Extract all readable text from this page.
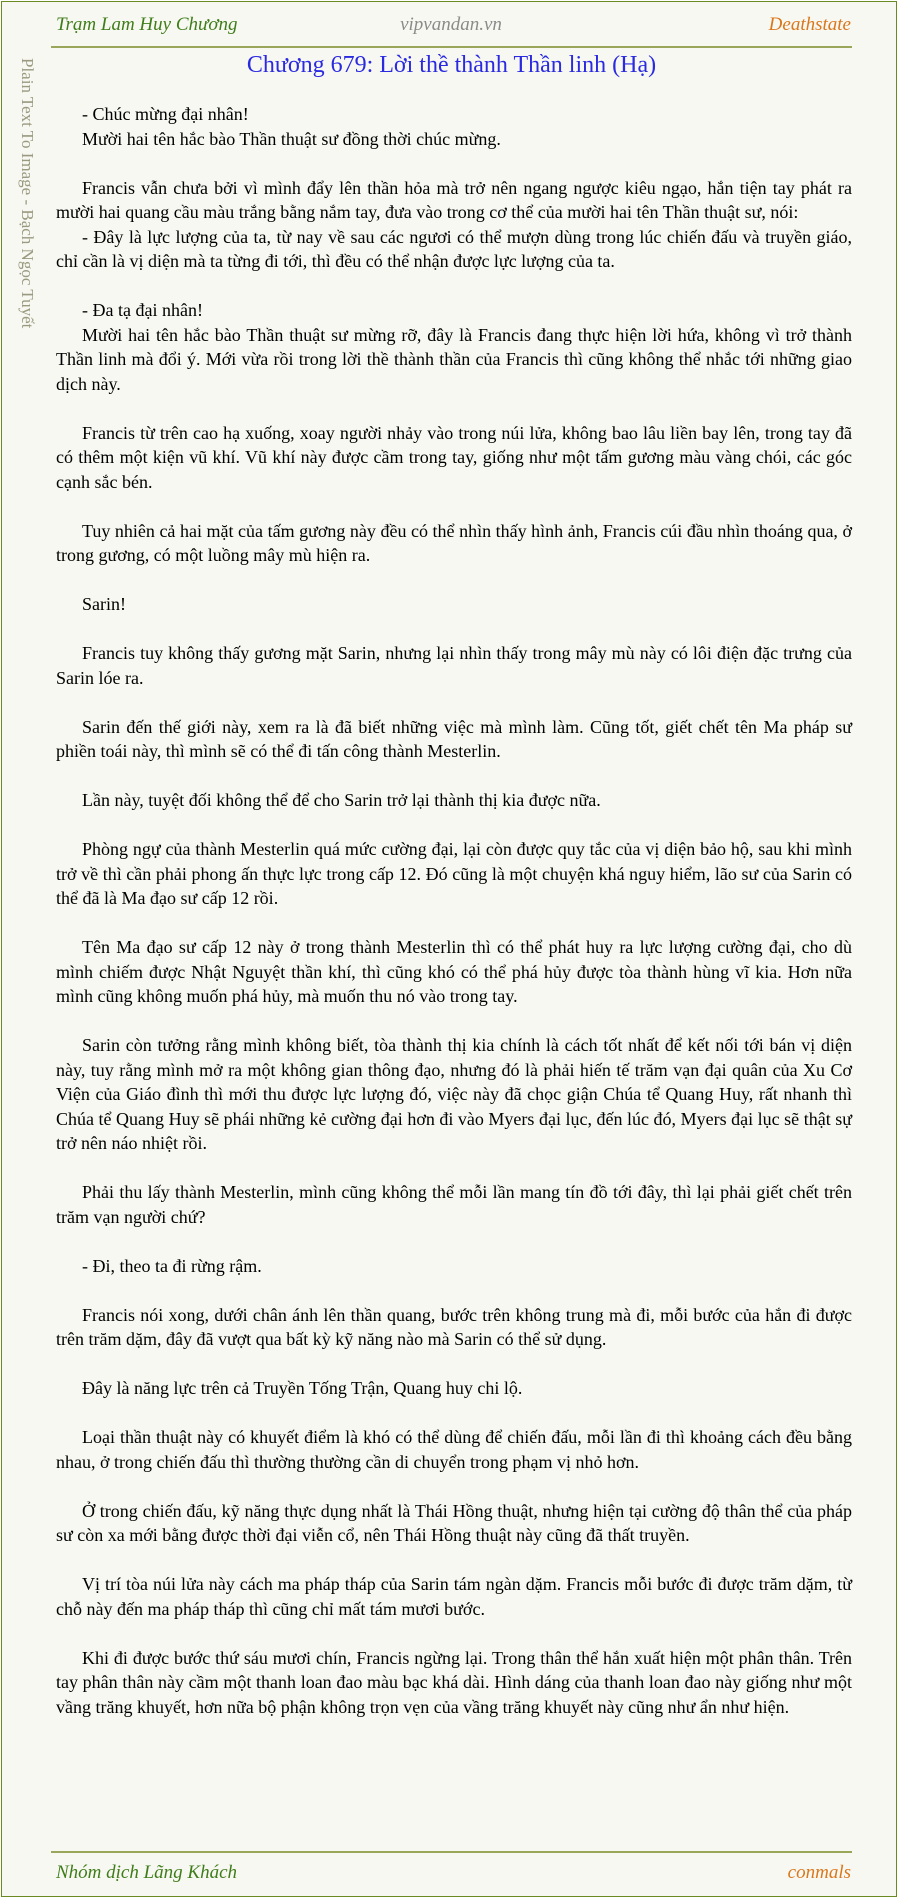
Trạm Lam Huy Chương	vipvandan.vn	Deathstate
Plain Text To Image - Bạch Ngọc Tuyết	Chương 679: Lời thề thành Thần linh (Hạ)

- Chúc mừng đại nhân!

Mười hai tên hắc bào Thần thuật sư đồng thời chúc mừng.

Francis vẫn chưa bởi vì mình đẩy lên thần hỏa mà trở nên ngang ngược kiêu ngạo, hắn tiện tay phát ra mười hai quang cầu màu trắng bằng nắm tay, đưa vào trong cơ thể của mười hai tên Thần thuật sư, nói:

- Đây là lực lượng của ta, từ nay về sau các ngươi có thể mượn dùng trong lúc chiến đấu và truyền giáo, chỉ cần là vị diện mà ta từng đi tới, thì đều có thể nhận được lực lượng của ta.

- Đa tạ đại nhân!

Mười hai tên hắc bào Thần thuật sư mừng rỡ, đây là Francis đang thực hiện lời hứa, không vì trở thành Thần linh mà đổi ý. Mới vừa rồi trong lời thề thành thần của Francis thì cũng không thể nhắc tới những giao dịch này.

Francis từ trên cao hạ xuống, xoay người nhảy vào trong núi lửa, không bao lâu liền bay lên, trong tay đã có thêm một kiện vũ khí. Vũ khí này được cầm trong tay, giống như một tấm gương màu vàng chói, các góc cạnh sắc bén.

Tuy nhiên cả hai mặt của tấm gương này đều có thể nhìn thấy hình ảnh, Francis cúi đầu nhìn thoáng qua, ở trong gương, có một luồng mây mù hiện ra.

Sarin!

Francis tuy không thấy gương mặt Sarin, nhưng lại nhìn thấy trong mây mù này có lôi điện đặc trưng của Sarin lóe ra.

Sarin đến thế giới này, xem ra là đã biết những việc mà mình làm. Cũng tốt, giết chết tên Ma pháp sư phiền toái này, thì mình sẽ có thể đi tấn công thành Mesterlin.

Lần này, tuyệt đối không thể để cho Sarin trở lại thành thị kia được nữa.

Phòng ngự của thành Mesterlin quá mức cường đại, lại còn được quy tắc của vị diện bảo hộ, sau khi mình trở về thì cần phải phong ấn thực lực trong cấp 12. Đó cũng là một chuyện khá nguy hiểm, lão sư của Sarin có thể đã là Ma đạo sư cấp 12 rồi.

Tên Ma đạo sư cấp 12 này ở trong thành Mesterlin thì có thể phát huy ra lực lượng cường đại, cho dù mình chiếm được Nhật Nguyệt thần khí, thì cũng khó có thể phá hủy được tòa thành hùng vĩ kia. Hơn nữa mình cũng không muốn phá hủy, mà muốn thu nó vào trong tay.

Sarin còn tưởng rằng mình không biết, tòa thành thị kia chính là cách tốt nhất để kết nối tới bán vị diện này, tuy rằng mình mở ra một không gian thông đạo, nhưng đó là phải hiến tế trăm vạn đại quân của Xu Cơ Viện của Giáo đình thì mới thu được lực lượng đó, việc này đã chọc giận Chúa tể Quang Huy, rất nhanh thì Chúa tể Quang Huy sẽ phái những kẻ cường đại hơn đi vào Myers đại lục, đến lúc đó, Myers đại lục sẽ thật sự trở nên náo nhiệt rồi.

Phải thu lấy thành Mesterlin, mình cũng không thể mỗi lần mang tín đồ tới đây, thì lại phải giết chết trên trăm vạn người chứ?

- Đi, theo ta đi rừng rậm.

Francis nói xong, dưới chân ánh lên thần quang, bước trên không trung mà đi, mỗi bước của hắn đi được trên trăm dặm, đây đã vượt qua bất kỳ kỹ năng nào mà Sarin có thể sử dụng.

Đây là năng lực trên cả Truyền Tống Trận, Quang huy chi lộ.

Loại thần thuật này có khuyết điểm là khó có thể dùng để chiến đấu, mỗi lần đi thì khoảng cách đều bằng nhau, ở trong chiến đấu thì thường thường cần di chuyển trong phạm vị nhỏ hơn.

Ở trong chiến đấu, kỹ năng thực dụng nhất là Thái Hồng thuật, nhưng hiện tại cường độ thân thể của pháp sư còn xa mới bằng được thời đại viễn cổ, nên Thái Hồng thuật này cũng đã thất truyền.

Vị trí tòa núi lửa này cách ma pháp tháp của Sarin tám ngàn dặm. Francis mỗi bước đi được trăm dặm, từ chỗ này đến ma pháp tháp thì cũng chỉ mất tám mươi bước.

Khi đi được bước thứ sáu mươi chín, Francis ngừng lại. Trong thân thể hắn xuất hiện một phân thân. Trên tay phân thân này cầm một thanh loan đao màu bạc khá dài. Hình dáng của thanh loan đao này giống như một vầng trăng khuyết, hơn nữa bộ phận không trọn vẹn của vầng trăng khuyết này cũng như ẩn như hiện.

Nhóm dịch Lãng Khách	conmals
